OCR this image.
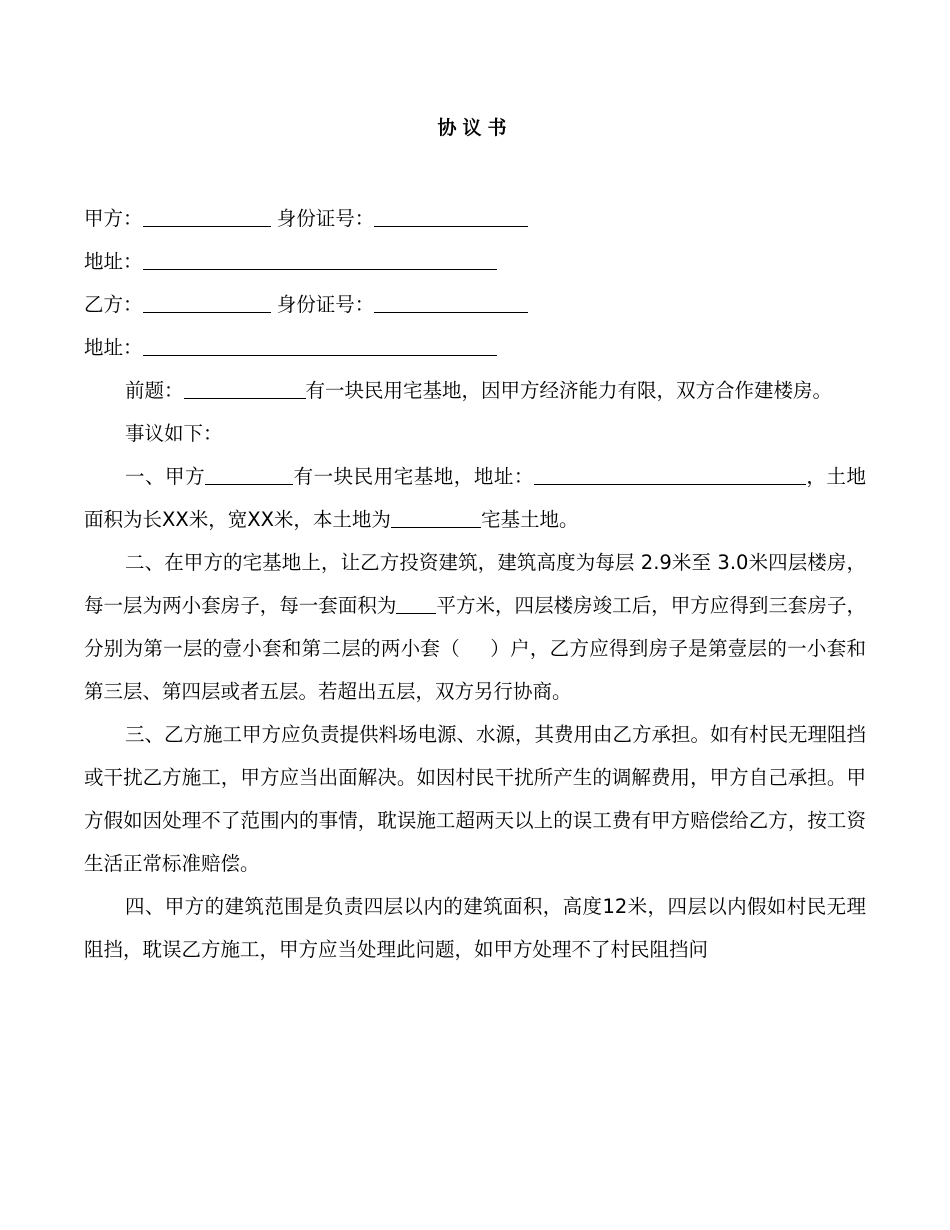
协议书
甲方：	身份证号：
地址：
乙方：	身份证号：
地址：
前题：	有一块民用宅基地，因甲方经济能力有限，双方合作建楼房。
事议如下：
一、甲方	有一块民用宅基地，地址：	，土地面积为长XX米，宽XX米，本土地为	宅基土地。
二、在甲方的宅基地上，让乙方投资建筑，建筑高度为每层 2.9米至 3.0米四层楼房，每一层为两小套房子，每一套面积为 平方米，四层楼房竣工后，甲方应得到三套房子，分别为第一层的壹小套和第二层的两小套（ ）户，乙方应得到房子是第壹层的一小套和第三层、第四层或者五层。若超出五层，双方另行协商。
三、乙方施工甲方应负责提供料场电源、水源，其费用由乙方承担。如有村民无理阻挡或干扰乙方施工，甲方应当出面解决。如因村民干扰所产生的调解费用，甲方自己承担。甲方假如因处理不了范围内的事情，耽误施工超两天以上的误工费有甲方赔偿给乙方，按工资生活正常标准赔偿。
四、甲方的建筑范围是负责四层以内的建筑面积，高度12米，四层以内假如村民无理阻挡，耽误乙方施工，甲方应当处理此问题，如甲方处理不了村民阻挡问
